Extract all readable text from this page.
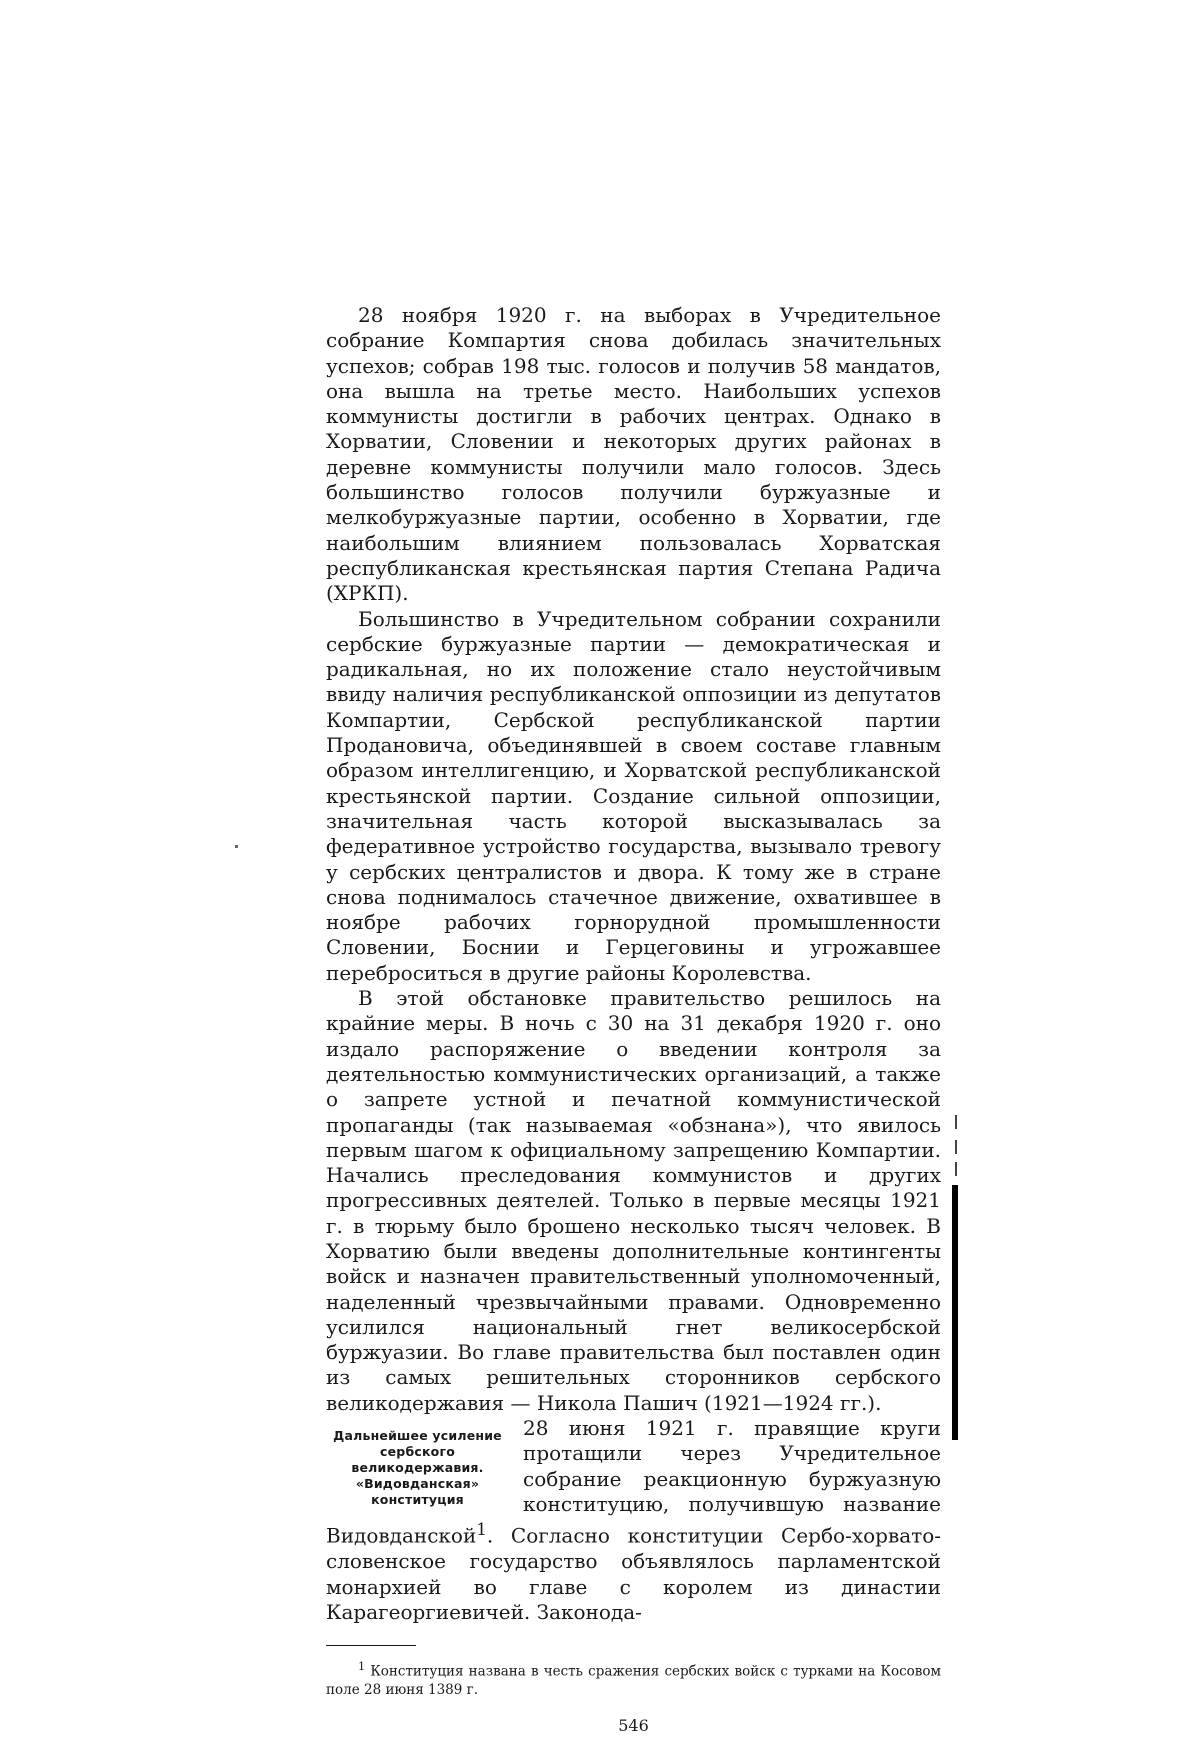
28 ноября 1920 г. на выборах в Учредительное собрание Компартия снова добилась значительных успехов; собрав 198 тыс. голосов и получив 58 мандатов, она вышла на третье место. Наибольших успехов коммунисты достигли в рабочих центрах. Однако в Хорватии, Словении и некоторых других районах в деревне коммунисты получили мало голосов. Здесь большинство голосов получили буржуазные и мелкобуржуазные партии, особенно в Хорватии, где наибольшим влиянием пользовалась Хорватская республиканская крестьянская партия Степана Радича (ХРКП).

Большинство в Учредительном собрании сохранили сербские буржуазные партии — демократическая и радикальная, но их положение стало неустойчивым ввиду наличия республиканской оппозиции из депутатов Компартии, Сербской республиканской партии Продановича, объединявшей в своем составе главным образом интеллигенцию, и Хорватской республиканской крестьянской партии. Создание сильной оппозиции, значительная часть которой высказывалась за федеративное устройство государства, вызывало тревогу у сербских централистов и двора. К тому же в стране снова поднималось стачечное движение, охватившее в ноябре рабочих горнорудной промышленности Словении, Боснии и Герцеговины и угрожавшее переброситься в другие районы Королевства.

В этой обстановке правительство решилось на крайние меры. В ночь с 30 на 31 декабря 1920 г. оно издало распоряжение о введении контроля за деятельностью коммунистических организаций, а также о запрете устной и печатной коммунистической пропаганды (так называемая «обзнана»), что явилось первым шагом к официальному запрещению Компартии. Начались преследования коммунистов и других прогрессивных деятелей. Только в первые месяцы 1921 г. в тюрьму было брошено несколько тысяч человек. В Хорватию были введены дополнительные контингенты войск и назначен правительственный уполномоченный, наделенный чрезвычайными правами. Одновременно усилился национальный гнет великосербской буржуазии. Во главе правительства был поставлен один из самых решительных сторонников сербского великодержавия — Никола Пашич (1921—1924 гг.).

Дальнейшее усиление
сербского
великодержавия.
«Видовданская»
конституция

28 июня 1921 г. правящие круги протащили через Учредительное собрание реакционную буржуазную конституцию, получившую название Видовданской$^1$. Согласно конституции Сербо-хорвато-словенское государство объявлялось парламентской монархией во главе с королем из династии Карагеоргиевичей. Законода-

$^1$ Конституция названа в честь сражения сербских войск с турками на Косовом поле 28 июня 1389 г.

546
